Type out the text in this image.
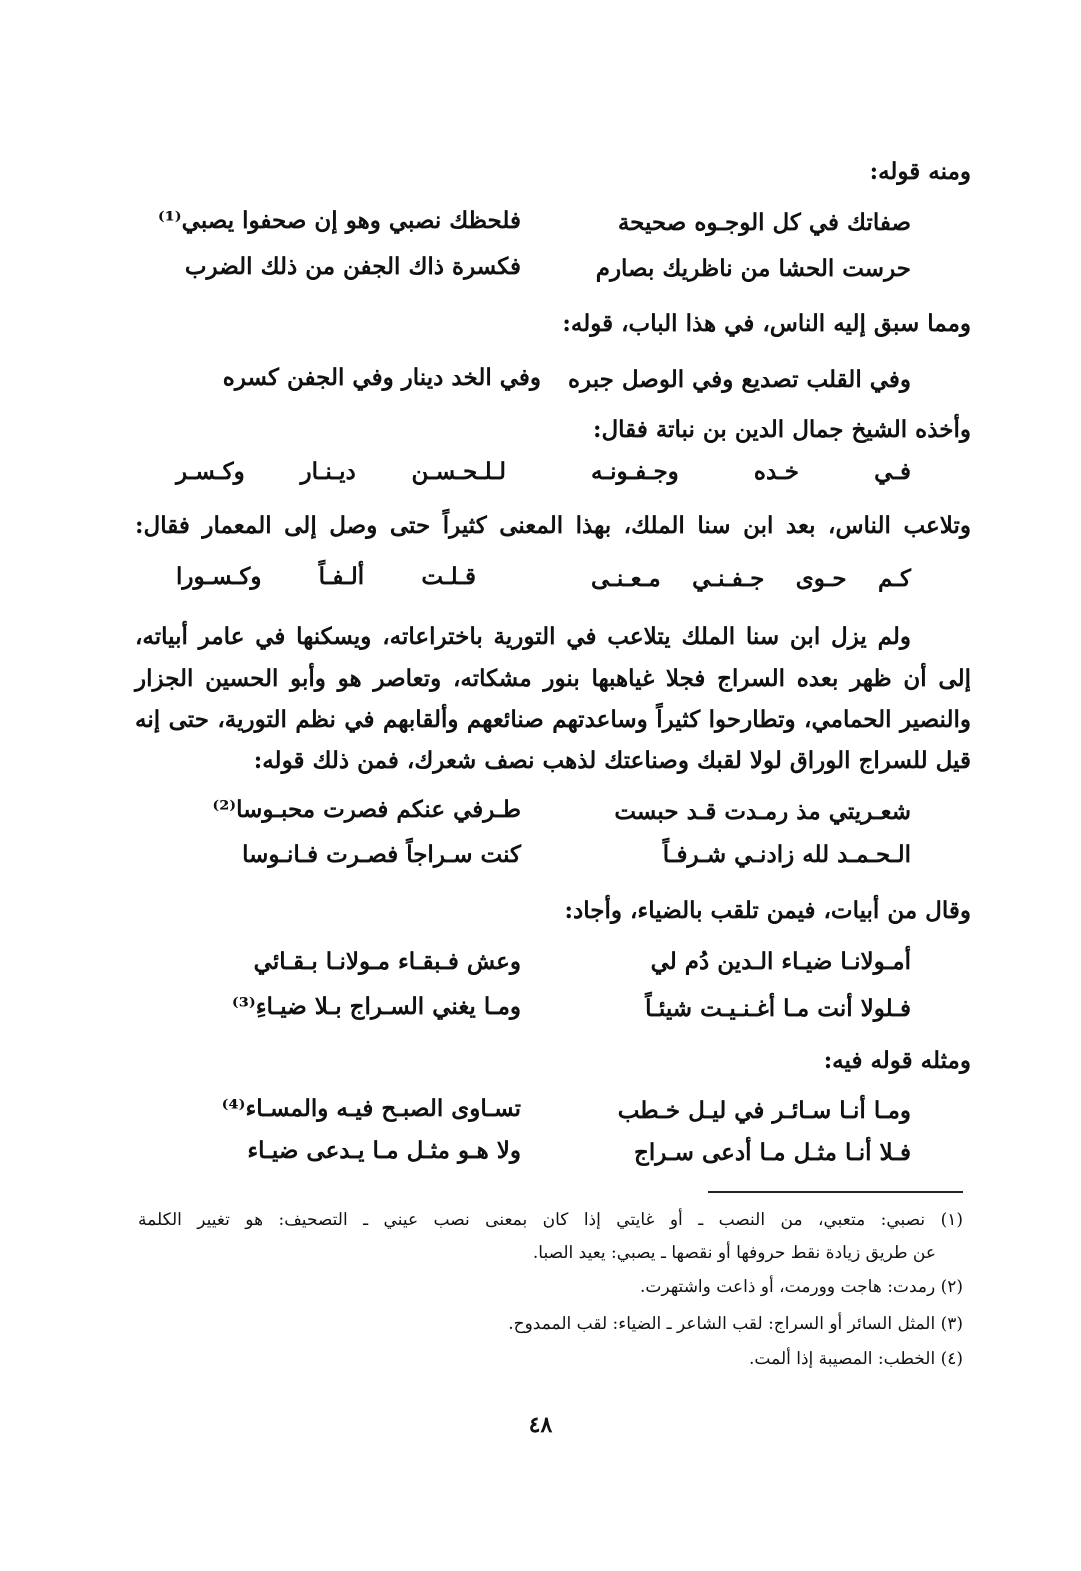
ومنه قوله:
صفاتك في كل الوجـوه صحيحة
فلحظك نصبي وهو إن صحفوا يصبي⁽¹⁾
حرست الحشا من ناظريك بصارم
فكسرة ذاك الجفن من ذلك الضرب
ومما سبق إليه الناس، في هذا الباب، قوله:
وفي القلب تصديع وفي الوصل جبره
وفي الخد دينار وفي الجفن كسره
وأخذه الشيخ جمال الدين بن نباتة فقال:
فـي خـده وجـفـونـه
لـلـحـسـن ديـنـار وكـسـر
وتلاعب الناس، بعد ابن سنا الملك، بهذا المعنى كثيراً حتى وصل إلى المعمار فقال:
كـم حـوى جـفـنـي مـعـنـى
قـلـت ألـفـاً وكـسـورا
ولم يزل ابن سنا الملك يتلاعب في التورية باختراعاته، ويسكنها في عامر أبياته،
إلى أن ظهر بعده السراج فجلا غياهبها بنور مشكاته، وتعاصر هو وأبو الحسين الجزار
والنصير الحمامي، وتطارحوا كثيراً وساعدتهم صنائعهم وألقابهم في نظم التورية، حتى إنه
قيل للسراج الوراق لولا لقبك وصناعتك لذهب نصف شعرك، فمن ذلك قوله:
شعـريتي مذ رمـدت قـد حبست
طـرفي عنكم فصرت محبـوسا⁽²⁾
الـحـمـد لله زادنـي شـرفـاً
كنت سـراجاً فصـرت فـانـوسا
وقال من أبيات، فيمن تلقب بالضياء، وأجاد:
أمـولانـا ضيـاء الـدين دُم لي
وعش فـبقـاء مـولانـا بـقـائي
فـلولا أنت مـا أغـنـيـت شيئـاً
ومـا يغني السـراج بـلا ضيـاءِ⁽³⁾
ومثله قوله فيه:
ومـا أنـا سـائـر في ليـل خـطب
تسـاوى الصبـح فيـه والمسـاء⁽⁴⁾
فـلا أنـا مثـل مـا أدعى سـراج
ولا هـو مثـل مـا يـدعى ضيـاء
(١) نصبي: متعبي، من النصب ـ أو غايتي إذا كان بمعنى نصب عيني ـ التصحيف: هو تغيير الكلمة
عن طريق زيادة نقط حروفها أو نقصها ـ يصبي: يعيد الصبا.
(٢) رمدت: هاجت وورمت، أو ذاعت واشتهرت.
(٣) المثل السائر أو السراج: لقب الشاعر ـ الضياء: لقب الممدوح.
(٤) الخطب: المصيبة إذا ألمت.
٤٨
